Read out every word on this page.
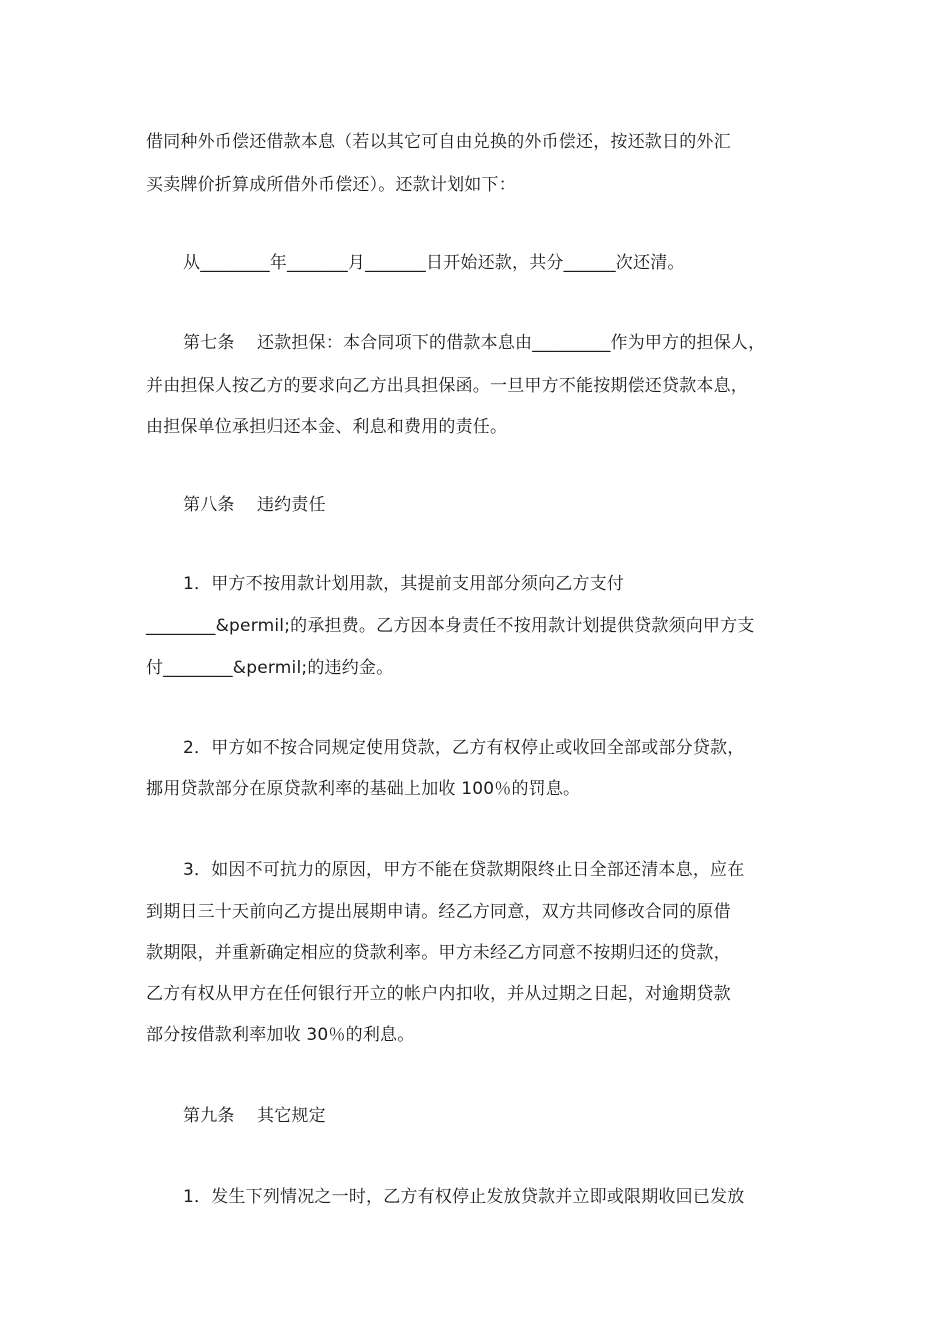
借同种外币偿还借款本息（若以其它可自由兑换的外币偿还，按还款日的外汇
买卖牌价折算成所借外币偿还）。还款计划如下：
从________年_______月_______日开始还款，共分______次还清。
第七条    还款担保：本合同项下的借款本息由_________作为甲方的担保人，
并由担保人按乙方的要求向乙方出具担保函。一旦甲方不能按期偿还贷款本息，
由担保单位承担归还本金、利息和费用的责任。
第八条    违约责任
1．甲方不按用款计划用款，其提前支用部分须向乙方支付
________&permil;的承担费。乙方因本身责任不按用款计划提供贷款须向甲方支
付________&permil;的违约金。
2．甲方如不按合同规定使用贷款，乙方有权停止或收回全部或部分贷款，
挪用贷款部分在原贷款利率的基础上加收 100％的罚息。
3．如因不可抗力的原因，甲方不能在贷款期限终止日全部还清本息，应在
到期日三十天前向乙方提出展期申请。经乙方同意，双方共同修改合同的原借
款期限，并重新确定相应的贷款利率。甲方未经乙方同意不按期归还的贷款，
乙方有权从甲方在任何银行开立的帐户内扣收，并从过期之日起，对逾期贷款
部分按借款利率加收 30％的利息。
第九条    其它规定
1．发生下列情况之一时，乙方有权停止发放贷款并立即或限期收回已发放
